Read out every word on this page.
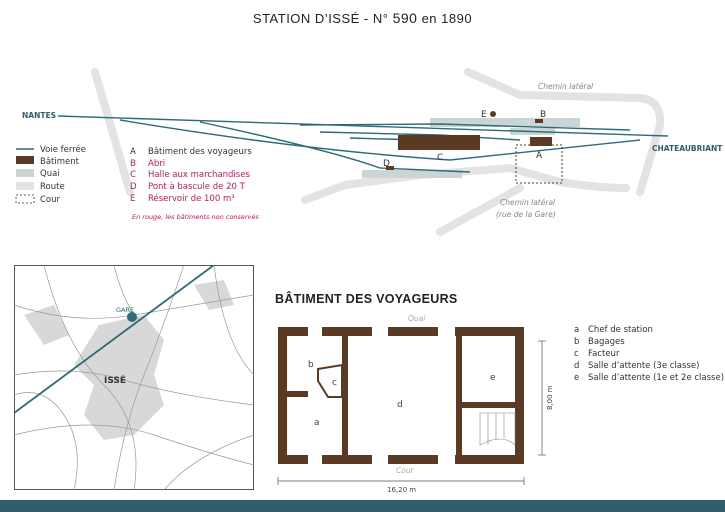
STATION D’ISSÉ - N° 590 en 1890
NANTES
CHATEAUBRIANT
Chemin latéral
Chemin latéral
(rue de la Gare)
A
B
C
D
E
Voie ferrée
Bâtiment
Quai
Route
Cour
A Bâtiment des voyageurs
B Abri
C Halle aux marchandises
D Pont à bascule de 20 T
E Réservoir de 100 m³
En rouge, les bâtiments non conservés
GARE
ISSÉ
BÂTIMENT DES VOYAGEURS
Quai
Cour
a
b
c
d
e
16,20 m
8,00 m
a Chef de station
b Bagages
c Facteur
d Salle d’attente (3e classe)
e Salle d’attente (1e et 2e classe)
